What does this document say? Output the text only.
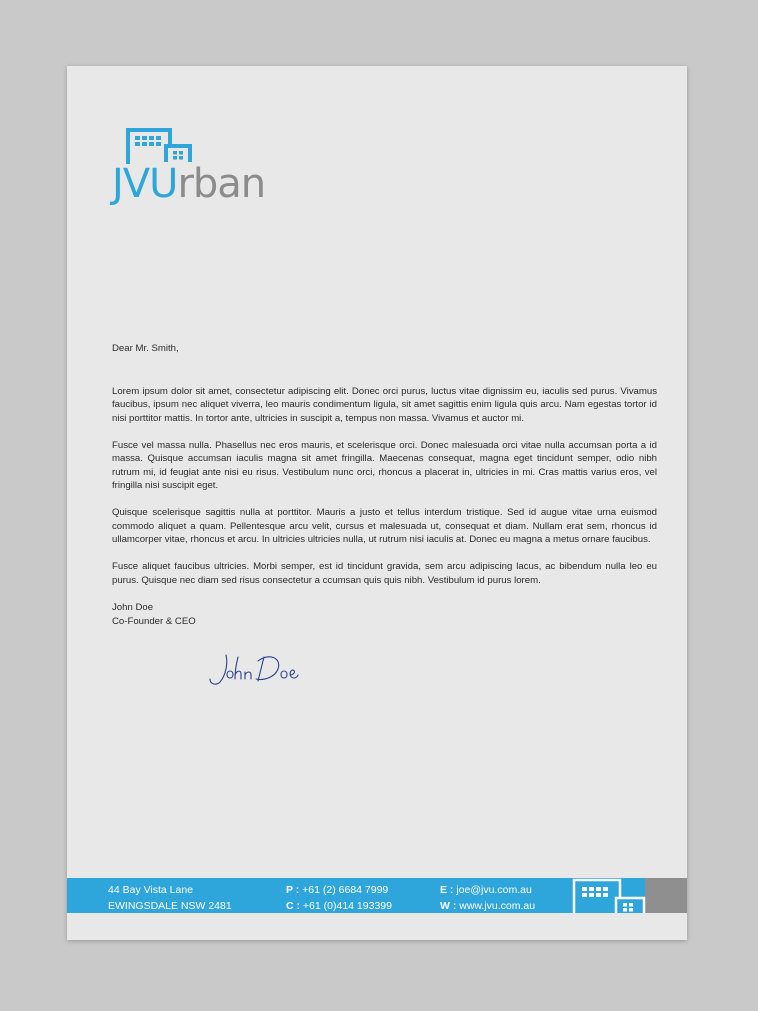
JVUrban

Dear Mr. Smith,

Lorem ipsum dolor sit amet, consectetur adipiscing elit. Donec orci purus, luctus vitae dignissim eu, iaculis sed purus. Vivamus faucibus, ipsum nec aliquet viverra, leo mauris condimentum ligula, sit amet sagittis enim ligula quis arcu. Nam egestas tortor id nisi porttitor mattis. In tortor ante, ultricies in suscipit a, tempus non massa. Vivamus et auctor mi.

Fusce vel massa nulla. Phasellus nec eros mauris, et scelerisque orci. Donec malesuada orci vitae nulla accumsan porta a id massa. Quisque accumsan iaculis magna sit amet fringilla. Maecenas consequat, magna eget tincidunt semper, odio nibh rutrum mi, id feugiat ante nisi eu risus. Vestibulum nunc orci, rhoncus a placerat in, ultricies in mi. Cras mattis varius eros, vel fringilla nisi suscipit eget.

Quisque scelerisque sagittis nulla at porttitor. Mauris a justo et tellus interdum tristique. Sed id augue vitae urna euismod commodo aliquet a quam. Pellentesque arcu velit, cursus et malesuada ut, consequat et diam. Nullam erat sem, rhoncus id ullamcorper vitae, rhoncus et arcu. In ultricies ultricies nulla, ut rutrum nisi iaculis at. Donec eu magna a metus ornare faucibus.

Fusce aliquet faucibus ultricies. Morbi semper, est id tincidunt gravida, sem arcu adipiscing lacus, ac bibendum nulla leo eu purus. Quisque nec diam sed risus consectetur a ccumsan quis quis nibh. Vestibulum id purus lorem.

John Doe
Co-Founder & CEO
44 Bay Vista Lane
EWINGSDALE NSW 2481
P : +61 (2) 6684 7999
C : +61 (0)414 193399
E : joe@jvu.com.au
W : www.jvu.com.au
